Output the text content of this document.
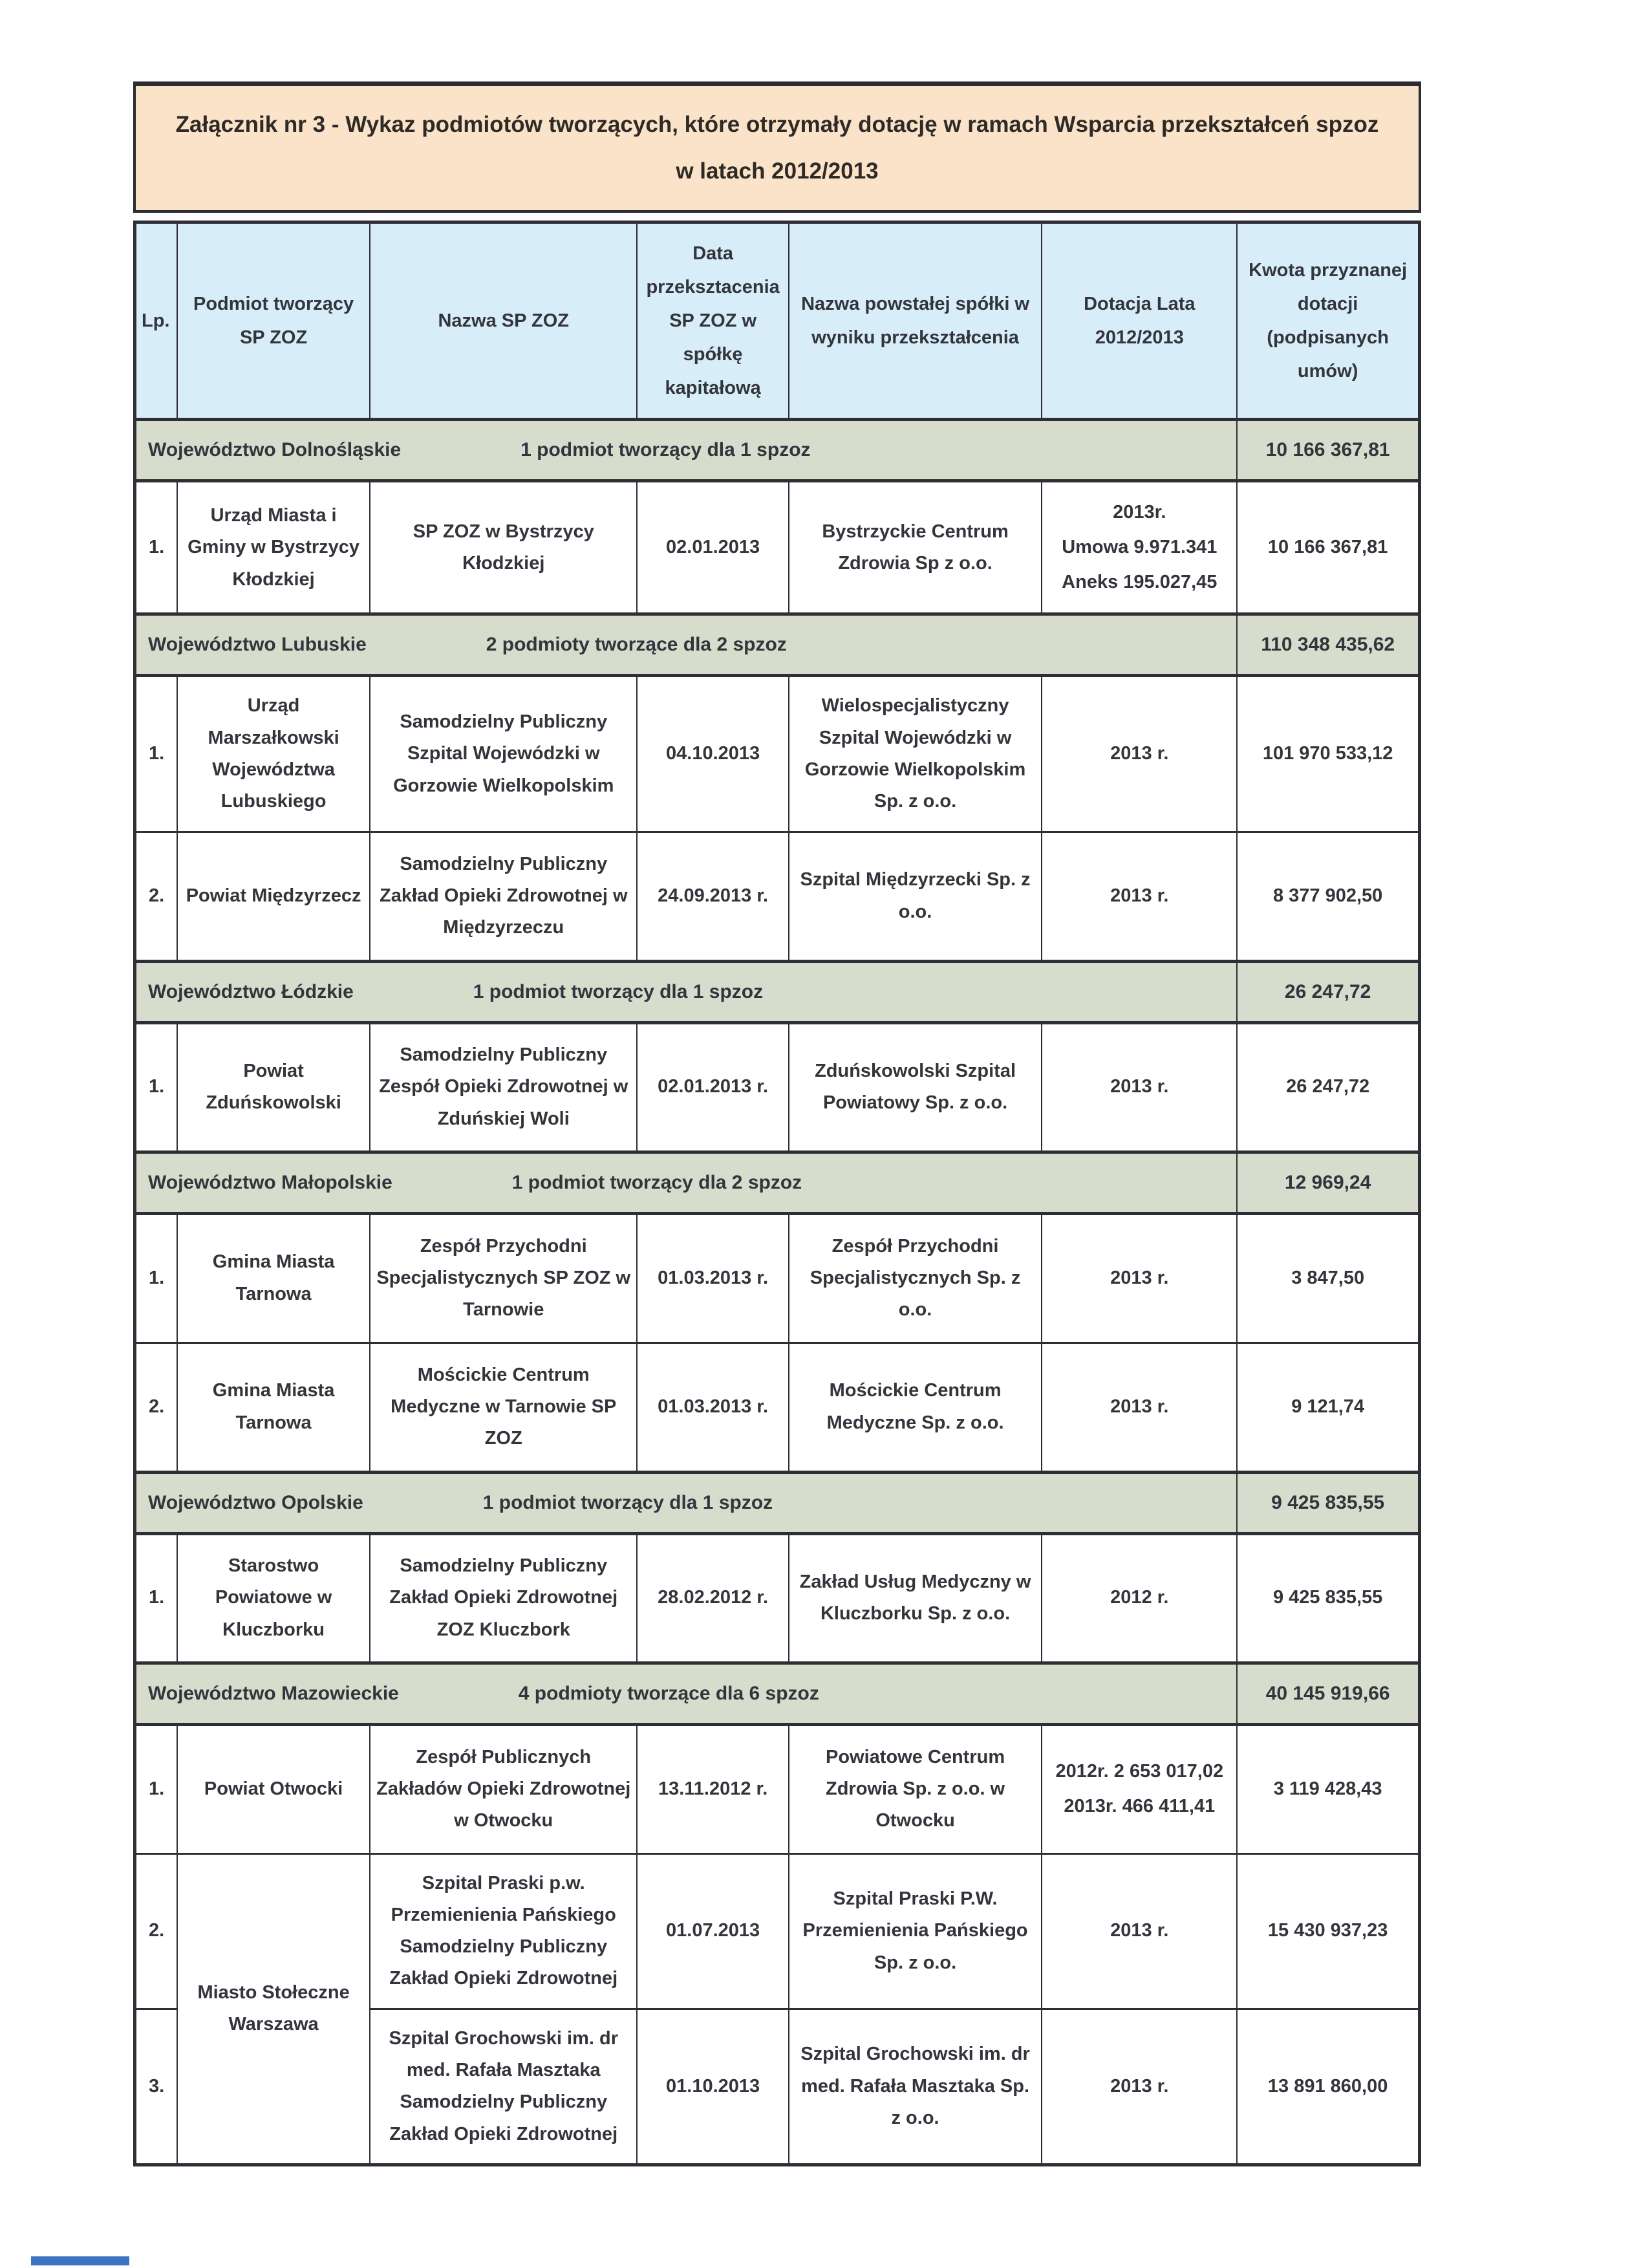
Załącznik nr 3 - Wykaz podmiotów tworzących, które otrzymały dotację w ramach Wsparcia przekształceń spzoz w latach 2012/2013
Lp.	Podmiot tworzący SP ZOZ	Nazwa SP ZOZ	Data przeksztacenia SP ZOZ w spółkę kapitałową	Nazwa powstałej spółki w wyniku przekształcenia	Dotacja Lata 2012/2013	Kwota przyznanej dotacji (podpisanych umów)

Województwo Dolnośląskie 1 podmiot tworzący dla 1 spzoz						10 166 367,81
1.	Urząd Miasta i Gminy w Bystrzycy Kłodzkiej	SP ZOZ w Bystrzycy Kłodzkiej	02.01.2013	Bystrzyckie Centrum Zdrowia Sp z o.o.	2013r.
Umowa 9.971.341
Aneks 195.027,45	10 166 367,81

Województwo Lubuskie 2 podmioty tworzące dla 2 spzoz						110 348 435,62
1.	Urząd Marszałkowski Województwa Lubuskiego	Samodzielny Publiczny Szpital Wojewódzki w Gorzowie Wielkopolskim	04.10.2013	Wielospecjalistyczny Szpital Wojewódzki w Gorzowie Wielkopolskim Sp. z o.o.	2013 r.	101 970 533,12
2.	Powiat Międzyrzecz	Samodzielny Publiczny Zakład Opieki Zdrowotnej w Międzyrzeczu	24.09.2013 r.	Szpital Międzyrzecki Sp. z o.o.	2013 r.	8 377 902,50

Województwo Łódzkie 1 podmiot tworzący dla 1 spzoz						26 247,72
1.	Powiat Zduńskowolski	Samodzielny Publiczny Zespół Opieki Zdrowotnej w Zduńskiej Woli	02.01.2013 r.	Zduńskowolski Szpital Powiatowy Sp. z o.o.	2013 r.	26 247,72

Województwo Małopolskie 1 podmiot tworzący dla 2 spzoz						12 969,24
1.	Gmina Miasta Tarnowa	Zespół Przychodni Specjalistycznych SP ZOZ w Tarnowie	01.03.2013 r.	Zespół Przychodni Specjalistycznych Sp. z o.o.	2013 r.	3 847,50
2.	Gmina Miasta Tarnowa	Mościckie Centrum Medyczne w Tarnowie SP ZOZ	01.03.2013 r.	Mościckie Centrum Medyczne Sp. z o.o.	2013 r.	9 121,74

Województwo Opolskie 1 podmiot tworzący dla 1 spzoz						9 425 835,55
1.	Starostwo Powiatowe w Kluczborku	Samodzielny Publiczny Zakład Opieki Zdrowotnej ZOZ Kluczbork	28.02.2012 r.	Zakład Usług Medyczny w Kluczborku Sp. z o.o.	2012 r.	9 425 835,55

Województwo Mazowieckie 4 podmioty tworzące dla 6 spzoz						40 145 919,66
1.	Powiat Otwocki	Zespół Publicznych Zakładów Opieki Zdrowotnej w Otwocku	13.11.2012 r.	Powiatowe Centrum Zdrowia Sp. z o.o. w Otwocku	2012r. 2 653 017,02
2013r. 466 411,41	3 119 428,43
2.	Miasto Stołeczne Warszawa	Szpital Praski p.w. Przemienienia Pańskiego Samodzielny Publiczny Zakład Opieki Zdrowotnej	01.07.2013	Szpital Praski P.W. Przemienienia Pańskiego Sp. z o.o.	2013 r.	15 430 937,23
3.		Szpital Grochowski im. dr med. Rafała Masztaka Samodzielny Publiczny Zakład Opieki Zdrowotnej	01.10.2013	Szpital Grochowski im. dr med. Rafała Masztaka Sp. z o.o.	2013 r.	13 891 860,00
